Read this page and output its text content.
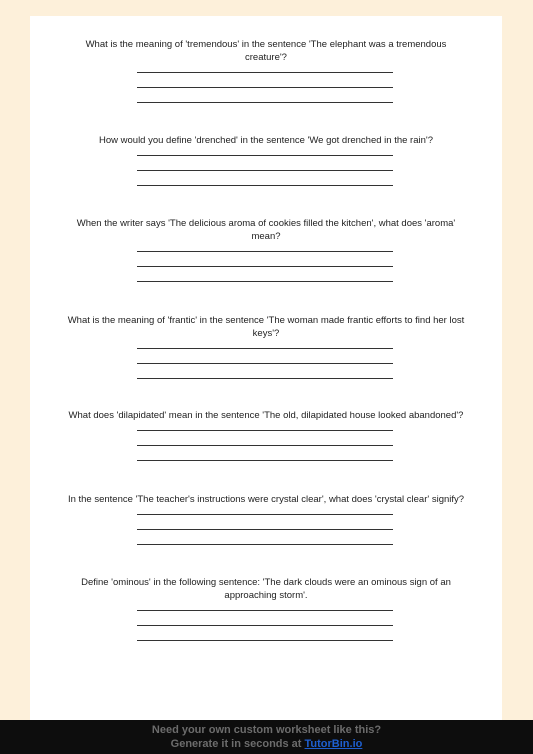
What is the meaning of 'tremendous' in the sentence 'The elephant was a tremendous creature'?

How would you define 'drenched' in the sentence 'We got drenched in the rain'?

When the writer says 'The delicious aroma of cookies filled the kitchen', what does 'aroma' mean?

What is the meaning of 'frantic' in the sentence 'The woman made frantic efforts to find her lost keys'?

What does 'dilapidated' mean in the sentence 'The old, dilapidated house looked abandoned'?

In the sentence 'The teacher's instructions were crystal clear', what does 'crystal clear' signify?

Define 'ominous' in the following sentence: 'The dark clouds were an ominous sign of an approaching storm'.

Need your own custom worksheet like this?
Generate it in seconds at TutorBin.io
